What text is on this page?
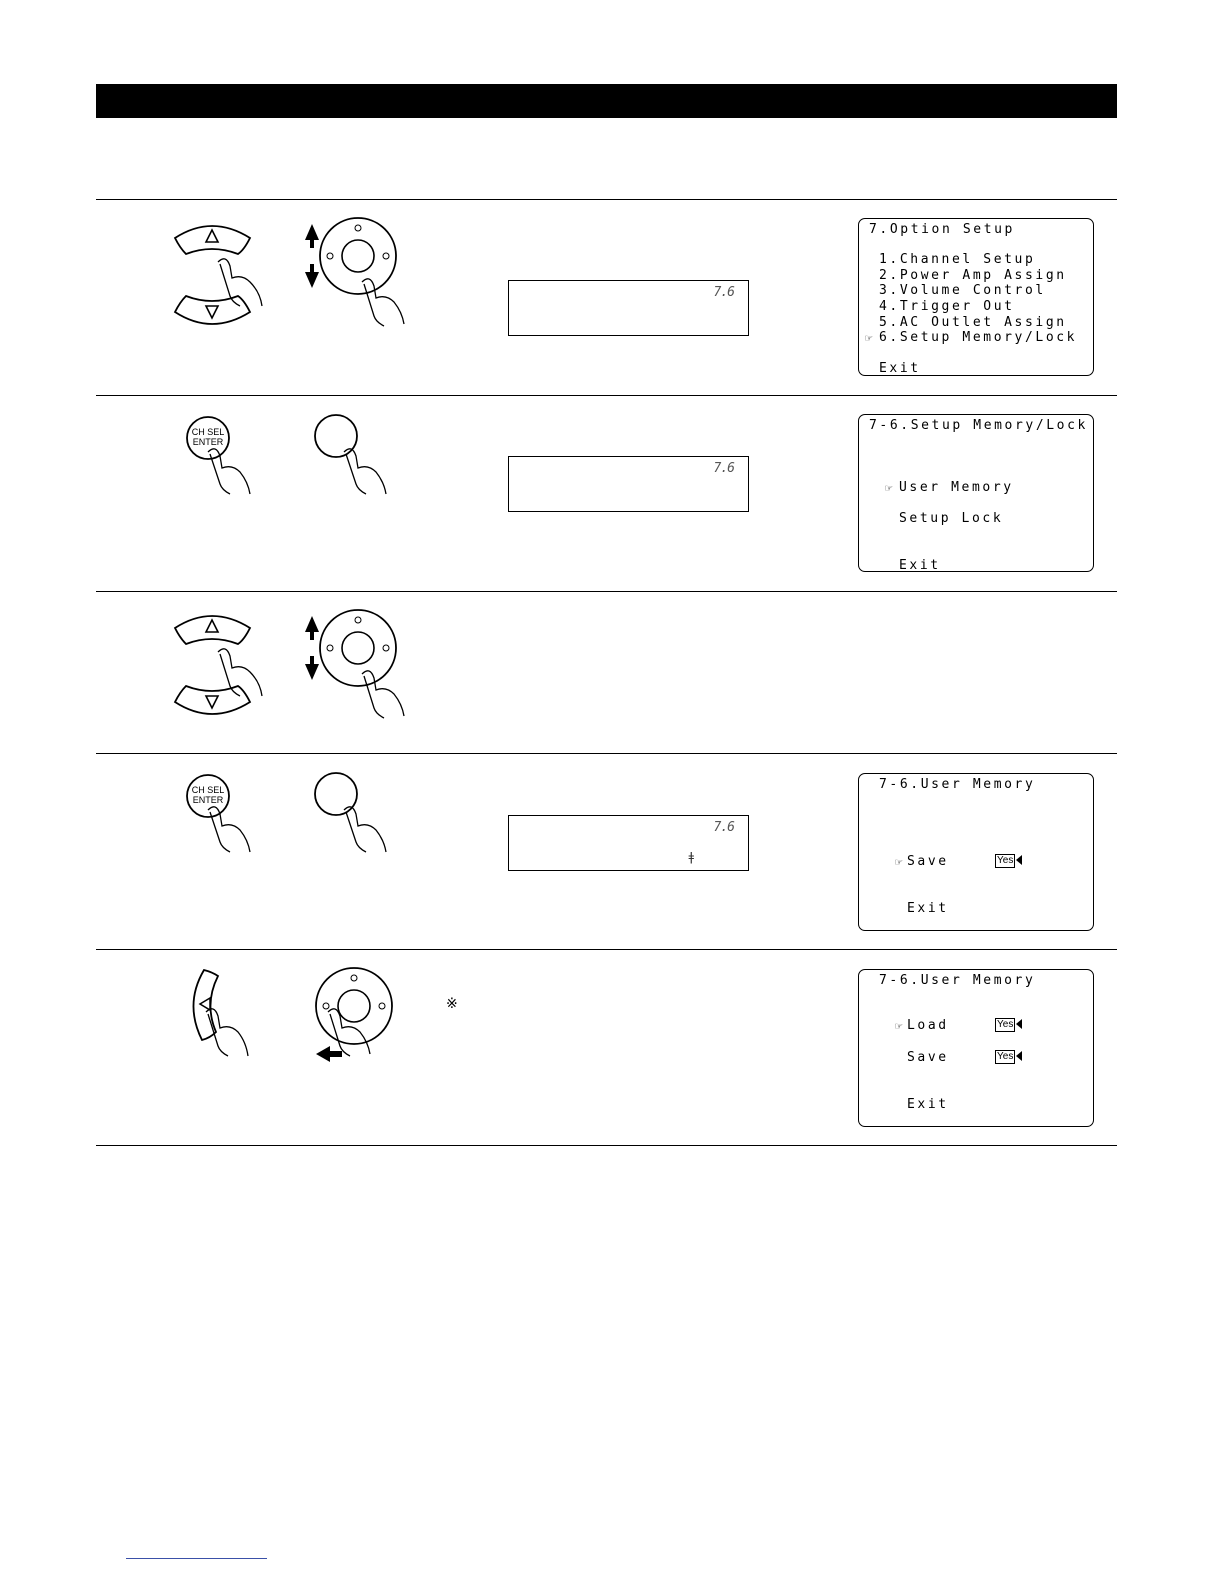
7.6
7.Option Setup
1.Channel Setup
2.Power Amp Assign
3.Volume Control
4.Trigger Out
5.AC Outlet Assign
☞ 6.Setup Memory/Lock
Exit
CH SEL
ENTER
7.6
7-6.Setup Memory/Lock
☞ User Memory
Setup Lock
Exit
CH SEL
ENTER
7.6
ǂ
7-6.User Memory
☞ Save	Yes
Exit
※
7-6.User Memory
☞ Load	Yes
Save	Yes
Exit
